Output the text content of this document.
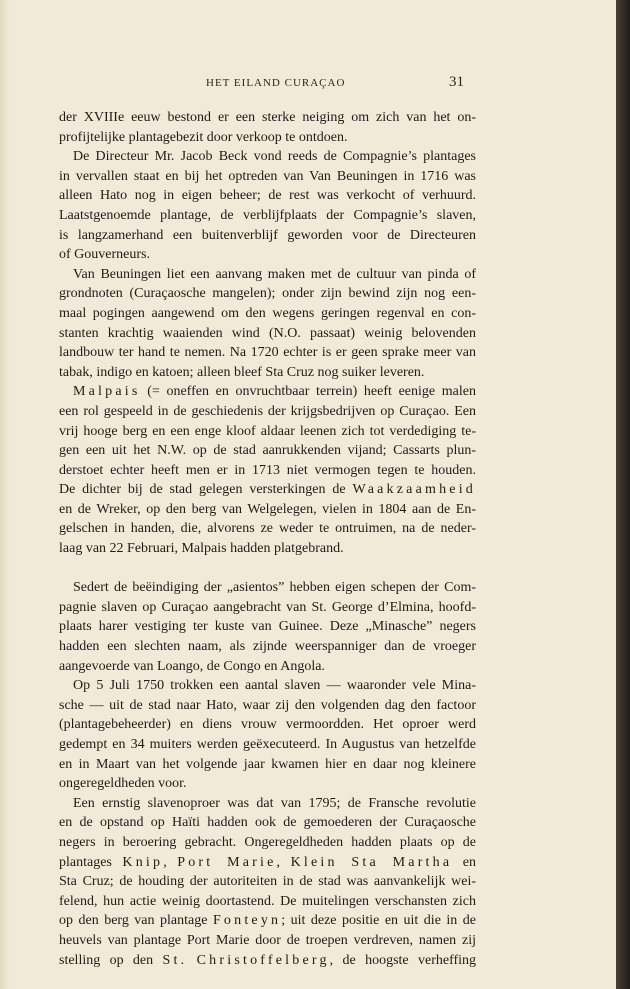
HET EILAND CURAÇAO	31
der XVIIIe eeuw bestond er een sterke neiging om zich van het on-
profijtelijke plantagebezit door verkoop te ontdoen.
De Directeur Mr. Jacob Beck vond reeds de Compagnie’s plantages
in vervallen staat en bij het optreden van Van Beuningen in 1716 was
alleen Hato nog in eigen beheer; de rest was verkocht of verhuurd.
Laatstgenoemde plantage, de verblijfplaats der Compagnie’s slaven,
is langzamerhand een buitenverblijf geworden voor de Directeuren
of Gouverneurs.
Van Beuningen liet een aanvang maken met de cultuur van pinda of
grondnoten (Curaçaosche mangelen); onder zijn bewind zijn nog een-
maal pogingen aangewend om den wegens geringen regenval en con-
stanten krachtig waaienden wind (N.O. passaat) weinig belovenden
landbouw ter hand te nemen. Na 1720 echter is er geen sprake meer van
tabak, indigo en katoen; alleen bleef Sta Cruz nog suiker leveren.
Malpais (= oneffen en onvruchtbaar terrein) heeft eenige malen
een rol gespeeld in de geschiedenis der krijgsbedrijven op Curaçao. Een
vrij hooge berg en een enge kloof aldaar leenen zich tot verdediging te-
gen een uit het N.W. op de stad aanrukkenden vijand; Cassarts plun-
derstoet echter heeft men er in 1713 niet vermogen tegen te houden.
De dichter bij de stad gelegen versterkingen de Waakzaamheid
en de Wreker, op den berg van Welgelegen, vielen in 1804 aan de En-
gelschen in handen, die, alvorens ze weder te ontruimen, na de neder-
laag van 22 Februari, Malpais hadden platgebrand.
Sedert de beëindiging der „asientos” hebben eigen schepen der Com-
pagnie slaven op Curaçao aangebracht van St. George d’Elmina, hoofd-
plaats harer vestiging ter kuste van Guinee. Deze „Minasche” negers
hadden een slechten naam, als zijnde weerspanniger dan de vroeger
aangevoerde van Loango, de Congo en Angola.
Op 5 Juli 1750 trokken een aantal slaven — waaronder vele Mina-
sche — uit de stad naar Hato, waar zij den volgenden dag den factoor
(plantagebeheerder) en diens vrouw vermoordden. Het oproer werd
gedempt en 34 muiters werden geëxecuteerd. In Augustus van hetzelfde
en in Maart van het volgende jaar kwamen hier en daar nog kleinere
ongeregeldheden voor.
Een ernstig slavenoproer was dat van 1795; de Fransche revolutie
en de opstand op Haïti hadden ook de gemoederen der Curaçaosche
negers in beroering gebracht. Ongeregeldheden hadden plaats op de
plantages Knip, Port Marie, Klein Sta Martha en
Sta Cruz; de houding der autoriteiten in de stad was aanvankelijk wei-
felend, hun actie weinig doortastend. De muitelingen verschansten zich
op den berg van plantage Fonteyn; uit deze positie en uit die in de
heuvels van plantage Port Marie door de troepen verdreven, namen zij
stelling op den St. Christoffelberg, de hoogste verheffing
